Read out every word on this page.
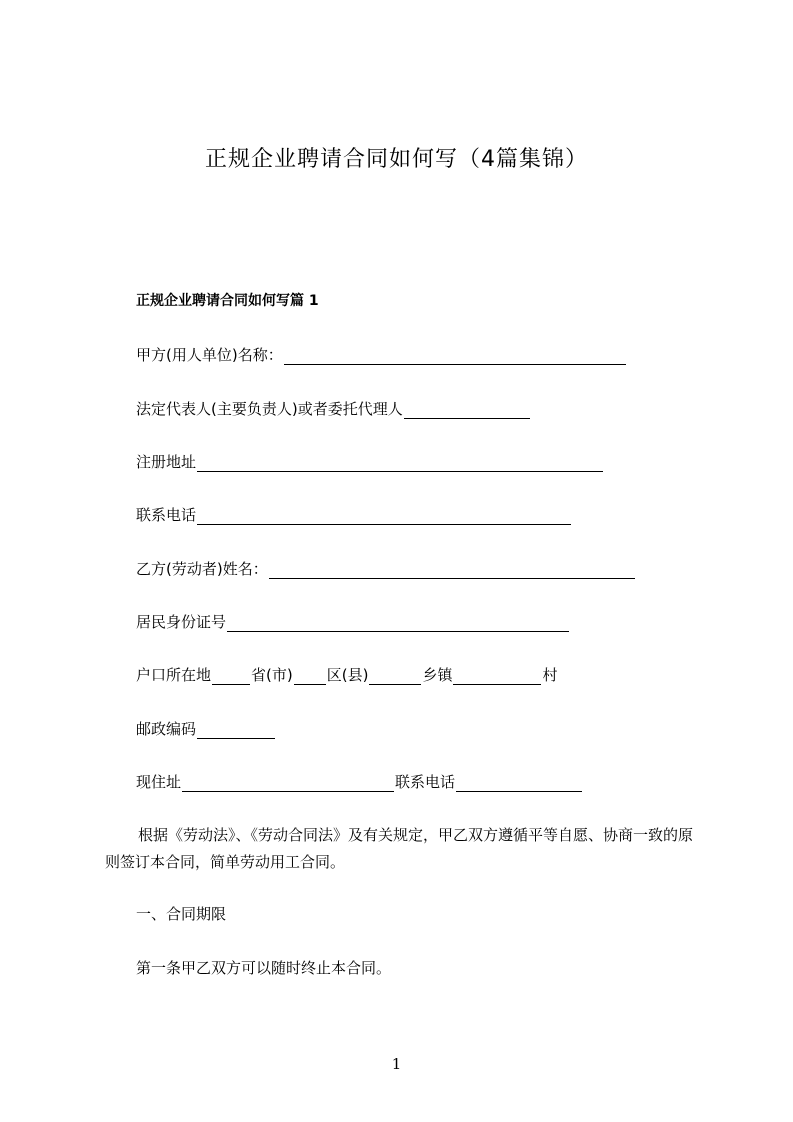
正规企业聘请合同如何写（4篇集锦）
正规企业聘请合同如何写篇 1
甲方(用人单位)名称：
法定代表人(主要负责人)或者委托代理人
注册地址
联系电话
乙方(劳动者)姓名：
居民身份证号
户口所在地	省(市) 区(县)	乡镇	村
邮政编码
现住址	联系电话
根据《劳动法》、《劳动合同法》及有关规定，甲乙双方遵循平等自愿、协商一致的原则签订本合同，简单劳动用工合同。
一、合同期限
第一条甲乙双方可以随时终止本合同。
1
